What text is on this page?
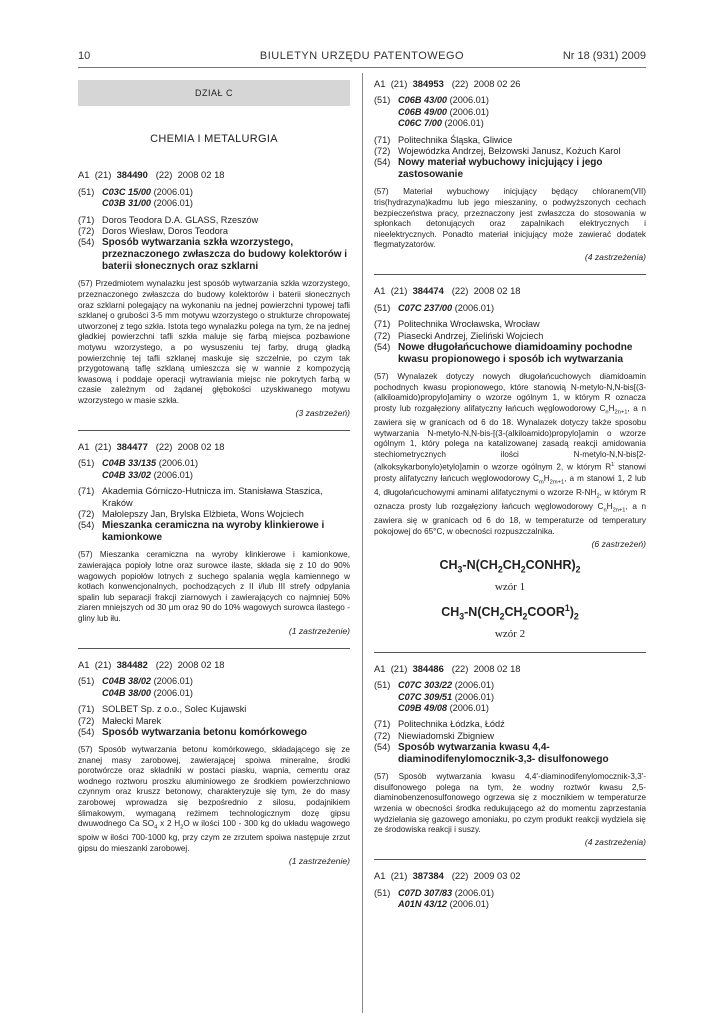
10	BIULETYN URZĘDU PATENTOWEGO	Nr 18 (931) 2009
DZIAŁ C
CHEMIA I METALURGIA
A1 (21) 384490 (22) 2008 02 18
(51) C03C 15/00 (2006.01)
C03B 31/00 (2006.01)
(71) Doros Teodora D.A. GLASS, Rzeszów
(72) Doros Wiesław, Doros Teodora
(54) Sposób wytwarzania szkła wzorzystego, przeznaczonego zwłaszcza do budowy kolektorów i baterii słonecznych oraz szklarni
(57) Przedmiotem wynalazku jest sposób wytwarzania szkła wzorzystego, przeznaczonego zwłaszcza do budowy kolektorów i baterii słonecznych oraz szklarni polegający na wykonaniu na jednej powierzchni typowej tafli szklanej o grubości 3-5 mm motywu wzorzystego o strukturze chropowatej utworzonej z tego szkła. Istota tego wynalazku polega na tym, że na jednej gładkiej powierzchni tafli szkła maluje się farbą miejsca pozbawione motywu wzorzystego, a po wysuszeniu tej farby, drugą gładką powierzchnię tej tafli szklanej maskuje się szczelnie, po czym tak przygotowaną taflę szklaną umieszcza się w wannie z kompozycją kwasową i poddaje operacji wytrawiania miejsc nie pokrytych farbą w czasie zależnym od żądanej głębokości uzyskiwanego motywu wzorzystego w masie szkła.
(3 zastrzeżeń)
A1 (21) 384477 (22) 2008 02 18
(51) C04B 33/135 (2006.01)
C04B 33/02 (2006.01)
(71) Akademia Górniczo-Hutnicza im. Stanisława Staszica, Kraków
(72) Małolepszy Jan, Brylska Elżbieta, Wons Wojciech
(54) Mieszanka ceramiczna na wyroby klinkierowe i kamionkowe
(57) Mieszanka ceramiczna na wyroby klinkierowe i kamionkowe, zawierająca popioły lotne oraz surowce ilaste, składa się z 10 do 90% wagowych popiołów lotnych z suchego spalania węgla kamiennego w kotłach konwencjonalnych, pochodzących z II i/lub III strefy odpylania spalin lub separacji frakcji ziarnowych i zawierających co najmniej 50% ziaren mniejszych od 30 μm oraz 90 do 10% wagowych surowca ilastego - gliny lub iłu.
(1 zastrzeżenie)
A1 (21) 384482 (22) 2008 02 18
(51) C04B 38/02 (2006.01)
C04B 38/00 (2006.01)
(71) SOLBET Sp. z o.o., Solec Kujawski
(72) Małecki Marek
(54) Sposób wytwarzania betonu komórkowego
(57) Sposób wytwarzania betonu komórkowego, składającego się ze znanej masy zarobowej, zawierającej spoiwa mineralne, środki porotwórcze oraz składniki w postaci piasku, wapnia, cementu oraz wodnego roztworu proszku aluminiowego ze środkiem powierzchniowo czynnym oraz kruszz betonowy, charakteryzuje się tym, że do masy zarobowej wprowadza się bezpośrednio z silosu, podajnikiem ślimakowym, wymaganą reżimem technologicznym dozę gipsu dwuwodnego Ca $SO_4$ x 2 $H_2O$ w ilości 100 - 300 kg do układu wagowego spoiw w ilości 700-1000 kg, przy czym ze zrzutem spoiwa następuje zrzut gipsu do mieszanki zarobowej.
(1 zastrzeżenie)
A1 (21) 384953 (22) 2008 02 26
(51) C06B 43/00 (2006.01)
C06B 49/00 (2006.01)
C06C 7/00 (2006.01)
(71) Politechnika Śląska, Gliwice
(72) Wojewódzka Andrzej, Bełzowski Janusz, Kożuch Karol
(54) Nowy materiał wybuchowy inicjujący i jego zastosowanie
(57) Materiał wybuchowy inicjujący będący chloranem(VII) tris(hydrazyna)kadmu lub jego mieszaniny, o podwyższonych cechach bezpieczeństwa pracy, przeznaczony jest zwłaszcza do stosowania w spłonkach detonujących oraz zapalnikach elektrycznych i nieelektrycznych. Ponadto materiał inicjujący może zawierać dodatek flegmatyzatorów.
(4 zastrzeżenia)
A1 (21) 384474 (22) 2008 02 18
(51) C07C 237/00 (2006.01)
(71) Politechnika Wrocławska, Wrocław
(72) Piasecki Andrzej, Zieliński Wojciech
(54) Nowe długołańcuchowe diamidoaminy pochodne kwasu propionowego i sposób ich wytwarzania
(57) Wynalazek dotyczy nowych długołańcuchowych diamidoamin pochodnych kwasu propionowego, które stanowią N-metylo-N,N-bis[(3-(alkiloamido)propylo]aminy o wzorze ogólnym 1, w którym R oznacza prosty lub rozgałęziony alifatyczny łańcuch węglowodorowy $C_nH_{2n+1}$, a n zawiera się w granicach od 6 do 18. Wynalazek dotyczy także sposobu wytwarzania N-metylo-N,N-bis-[(3-(alkiloamido)propylo]amin o wzorze ogólnym 1, który polega na katalizowanej zasadą reakcji amidowania stechiometrycznych ilości N-metylo-N,N-bis[2-(alkoksykarbonylo)etylo]amin o wzorze ogólnym 2, w którym $R^1$ stanowi prosty alifatyczny łańcuch węglowodorowy $C_mH_{2m+1}$, a m stanowi 1, 2 lub 4, długołańcuchowymi aminami alifatycznymi o wzorze $R-NH_2$, w którym R oznacza prosty lub rozgałęziony łańcuch węglowodorowy $C_nH_{2n+1}$, a n zawiera się w granicach od 6 do 18, w temperaturze od temperatury pokojowej do 65°C, w obecności rozpuszczalnika.
(6 zastrzeżeń)
$CH_3-N(CH_2CH_2CONHR)_2$
wzór 1
$CH_3-N(CH_2CH_2COOR^1)_2$
wzór 2
A1 (21) 384486 (22) 2008 02 18
(51) C07C 303/22 (2006.01)
C07C 309/51 (2006.01)
C09B 49/08 (2006.01)
(71) Politechnika Łódzka, Łódź
(72) Niewiadomski Zbigniew
(54) Sposób wytwarzania kwasu 4,4-diaminodifenylomocznik-3,3- disulfonowego
(57) Sposób wytwarzania kwasu 4,4'-diaminodifenylomocznik-3,3'-disulfonowego polega na tym, że wodny roztwór kwasu 2,5-diaminobenzenosulfonowego ogrzewa się z mocznikiem w temperaturze wrzenia w obecności środka redukującego aż do momentu zaprzestania wydzielania się gazowego amoniaku, po czym produkt reakcji wydziela się ze środowiska reakcji i suszy.
(4 zastrzeżenia)
A1 (21) 387384 (22) 2009 03 02
(51) C07D 307/83 (2006.01)
A01N 43/12 (2006.01)
